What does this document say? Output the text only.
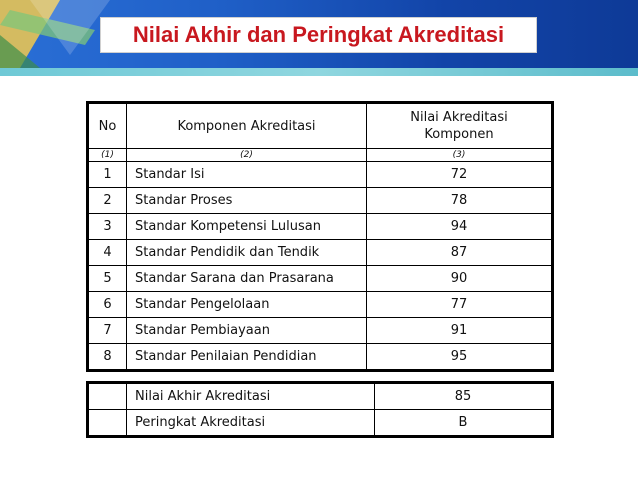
Nilai Akhir dan Peringkat Akreditasi
No	Komponen Akreditasi	Nilai Akreditasi Komponen

(1)	(2)	(3)
1	Standar Isi	72
2	Standar Proses	78
3	Standar Kompetensi Lulusan	94
4	Standar Pendidik dan Tendik	87
5	Standar Sarana dan Prasarana	90
6	Standar Pengelolaan	77
7	Standar Pembiayaan	91
8	Standar Penilaian Pendidian	95
	Nilai Akhir Akreditasi	85
	Peringkat Akreditasi	B
